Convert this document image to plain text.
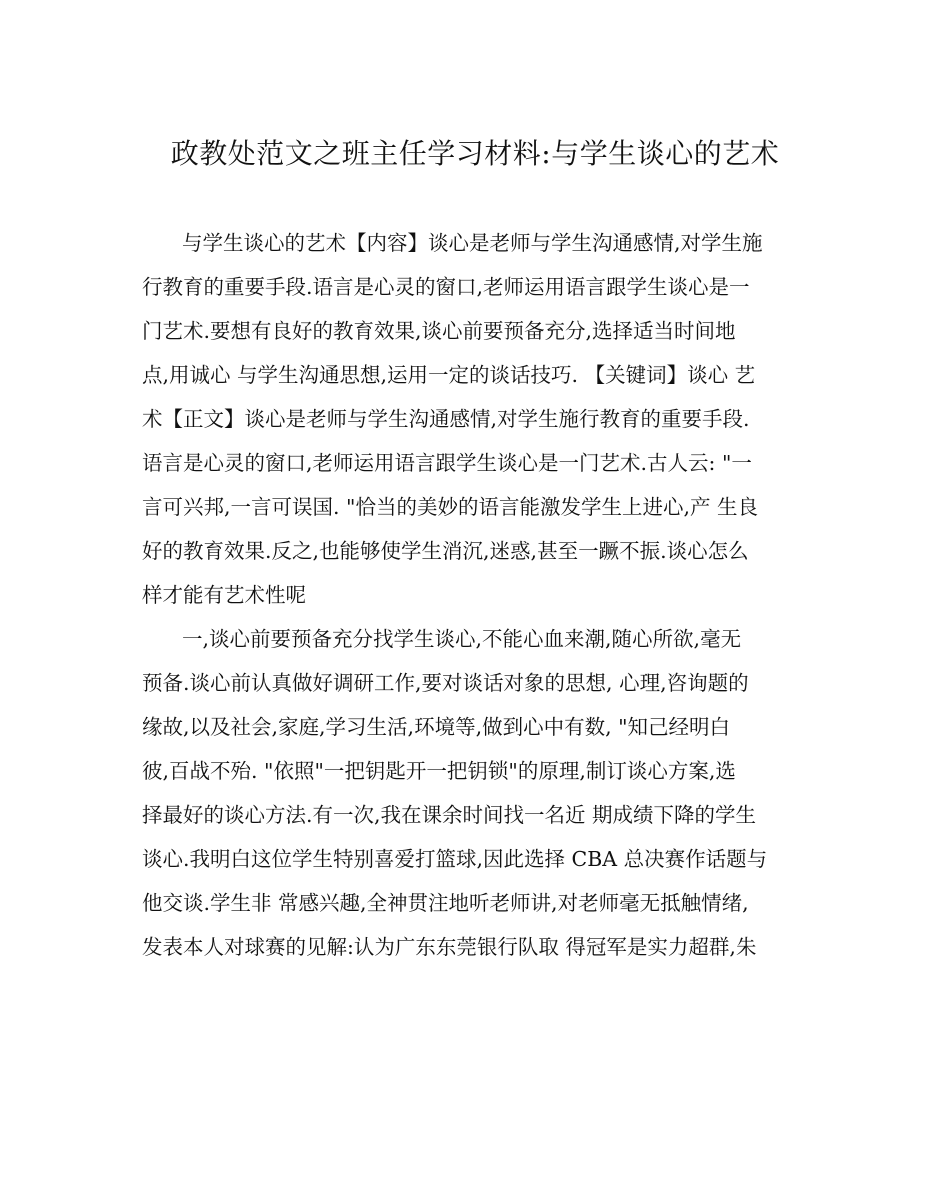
政教处范文之班主任学习材料:与学生谈心的艺术
与学生谈心的艺术【内容】谈心是老师与学生沟通感情,对学生施
行教育的重要手段.语言是心灵的窗口,老师运用语言跟学生谈心是一
门艺术.要想有良好的教育效果,谈心前要预备充分,选择适当时间地
点,用诚心 与学生沟通思想,运用一定的谈话技巧. 【关键词】谈心 艺
术【正文】谈心是老师与学生沟通感情,对学生施行教育的重要手段.
语言是心灵的窗口,老师运用语言跟学生谈心是一门艺术.古人云: "一
言可兴邦,一言可误国. "恰当的美妙的语言能激发学生上进心,产 生良
好的教育效果.反之,也能够使学生消沉,迷惑,甚至一蹶不振.谈心怎么
样才能有艺术性呢
一,谈心前要预备充分找学生谈心,不能心血来潮,随心所欲,毫无
预备.谈心前认真做好调研工作,要对谈话对象的思想, 心理,咨询题的
缘故,以及社会,家庭,学习生活,环境等,做到心中有数, "知己经明白
彼,百战不殆. "依照"一把钥匙开一把钥锁"的原理,制订谈心方案,选
择最好的谈心方法.有一次,我在课余时间找一名近 期成绩下降的学生
谈心.我明白这位学生特别喜爱打篮球,因此选择 CBA 总决赛作话题与
他交谈.学生非 常感兴趣,全神贯注地听老师讲,对老师毫无抵触情绪,
发表本人对球赛的见解:认为广东东莞银行队取 得冠军是实力超群,朱
